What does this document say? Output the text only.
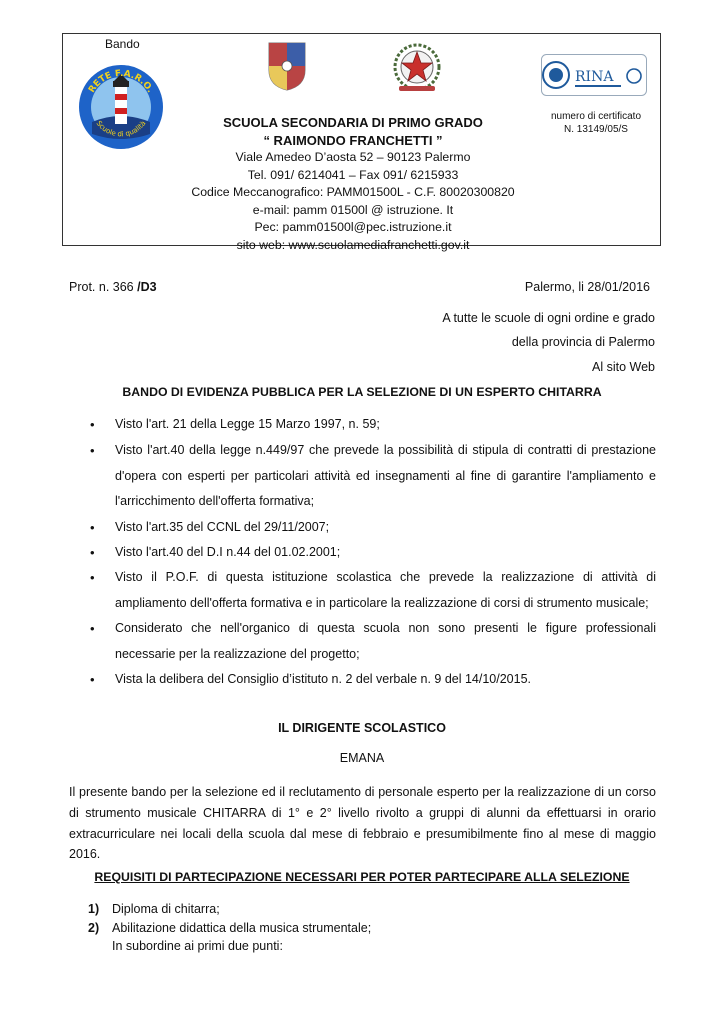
Bando
RETE F.A.R.O.
Scuole di qualità
RINA
numero di certificato
N. 13149/05/S
SCUOLA SECONDARIA DI PRIMO GRADO
“ RAIMONDO FRANCHETTI ”
Viale Amedeo D’aosta 52 – 90123 Palermo
Tel. 091/ 6214041 – Fax 091/ 6215933
Codice Meccanografico: PAMM01500L - C.F. 80020300820
e-mail: pamm 01500l @ istruzione. It
Pec: pamm01500l@pec.istruzione.it
sito web: www.scuolamediafranchetti.gov.it
Prot. n. 366 /D3	Palermo, li 28/01/2016
A tutte le scuole di ogni ordine e grado
della provincia di Palermo
Al sito Web
BANDO DI EVIDENZA PUBBLICA PER LA SELEZIONE DI UN ESPERTO CHITARRA
• Visto l'art. 21 della Legge 15 Marzo 1997, n. 59;
• Visto l'art.40 della legge n.449/97 che prevede la possibilità di stipula di contratti di prestazione d'opera con esperti per particolari attività ed insegnamenti al fine di garantire l'ampliamento e l'arricchimento dell'offerta formativa;
• Visto l'art.35 del CCNL del 29/11/2007;
• Visto l'art.40 del D.I n.44 del 01.02.2001;
• Visto il P.O.F. di questa istituzione scolastica che prevede la realizzazione di attività di ampliamento dell'offerta formativa e in particolare la realizzazione di corsi di strumento musicale;
• Considerato che nell'organico di questa scuola non sono presenti le figure professionali necessarie per la realizzazione del progetto;
• Vista la delibera del Consiglio d’istituto n. 2 del verbale n. 9 del 14/10/2015.
IL DIRIGENTE SCOLASTICO
EMANA
Il presente bando per la selezione ed il reclutamento di personale esperto per la realizzazione di un corso di strumento musicale CHITARRA di 1° e 2° livello rivolto a gruppi di alunni da effettuarsi in orario extracurriculare nei locali della scuola dal mese di febbraio e presumibilmente fino al mese di maggio 2016.
REQUISITI DI PARTECIPAZIONE NECESSARI PER POTER PARTECIPARE ALLA SELEZIONE
1) Diploma di chitarra;
2) Abilitazione didattica della musica strumentale;
In subordine ai primi due punti:
